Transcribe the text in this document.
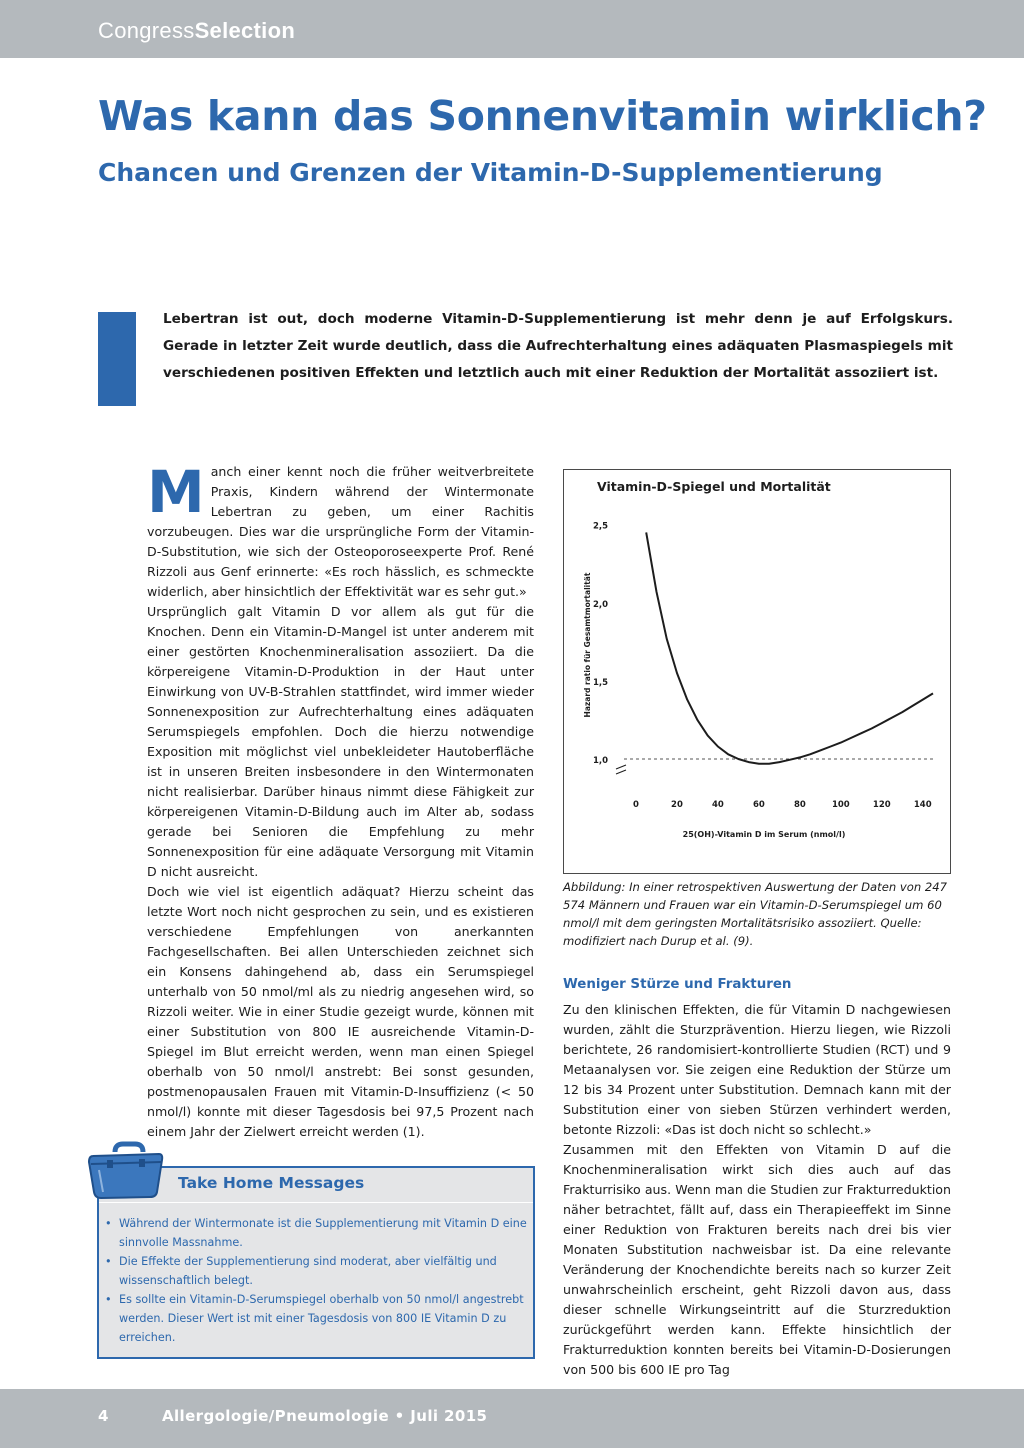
CongressSelection
Was kann das Sonnenvitamin wirklich?
Chancen und Grenzen der Vitamin-D-Supplementierung

Lebertran ist out, doch moderne Vitamin-D-Supplementierung ist mehr denn je auf Erfolgskurs. Gerade in letzter Zeit wurde deutlich, dass die Aufrechterhaltung eines adäquaten Plasmaspiegels mit verschiedenen positiven Effekten und letztlich auch mit einer Reduktion der Mortalität assoziiert ist.

Manch einer kennt noch die früher weitverbreitete Praxis, Kindern während der Wintermonate Lebertran zu geben, um einer Rachitis vorzubeugen. Dies war die ursprüngliche Form der Vitamin-D-Substitution, wie sich der Osteoporoseexperte Prof. René Rizzoli aus Genf erinnerte: «Es roch hässlich, es schmeckte widerlich, aber hinsichtlich der Effektivität war es sehr gut.»

Ursprünglich galt Vitamin D vor allem als gut für die Knochen. Denn ein Vitamin-D-Mangel ist unter anderem mit einer gestörten Knochenmineralisation assoziiert. Da die körpereigene Vitamin-D-Produktion in der Haut unter Einwirkung von UV-B-Strahlen stattfindet, wird immer wieder Sonnenexposition zur Aufrechterhaltung eines adäquaten Serumspiegels empfohlen. Doch die hierzu notwendige Exposition mit möglichst viel unbekleideter Hautoberfläche ist in unseren Breiten insbesondere in den Wintermonaten nicht realisierbar. Darüber hinaus nimmt diese Fähigkeit zur körpereigenen Vitamin-D-Bildung auch im Alter ab, sodass gerade bei Senioren die Empfehlung zu mehr Sonnenexposition für eine adäquate Versorgung mit Vitamin D nicht ausreicht.

Doch wie viel ist eigentlich adäquat? Hierzu scheint das letzte Wort noch nicht gesprochen zu sein, und es existieren verschiedene Empfehlungen von anerkannten Fachgesellschaften. Bei allen Unterschieden zeichnet sich ein Konsens dahingehend ab, dass ein Serumspiegel unterhalb von 50 nmol/ml als zu niedrig angesehen wird, so Rizzoli weiter. Wie in einer Studie gezeigt wurde, können mit einer Substitution von 800 IE ausreichende Vitamin-D-Spiegel im Blut erreicht werden, wenn man einen Spiegel oberhalb von 50 nmol/l anstrebt: Bei sonst gesunden, postmenopausalen Frauen mit Vitamin-D-Insuffizienz (< 50 nmol/l) konnte mit dieser Tagesdosis bei 97,5 Prozent nach einem Jahr der Zielwert erreicht werden (1).

Vitamin-D-Spiegel und Mortalität
1,0
1,5
2,0
2,5
Hazard ratio für Gesamtmortalität
0	20	40	60	80	100	120	140
25(OH)-Vitamin D im Serum (nmol/l)

Abbildung: In einer retrospektiven Auswertung der Daten von 247 574 Männern und Frauen war ein Vitamin-D-Serumspiegel um 60 nmol/l mit dem geringsten Mortalitätsrisiko assoziiert. Quelle: modifiziert nach Durup et al. (9).

Weniger Stürze und Frakturen

Zu den klinischen Effekten, die für Vitamin D nachgewiesen wurden, zählt die Sturzprävention. Hierzu liegen, wie Rizzoli berichtete, 26 randomisiert-kontrollierte Studien (RCT) und 9 Metaanalysen vor. Sie zeigen eine Reduktion der Stürze um 12 bis 34 Prozent unter Substitution. Demnach kann mit der Substitution einer von sieben Stürzen verhindert werden, betonte Rizzoli: «Das ist doch nicht so schlecht.»

Zusammen mit den Effekten von Vitamin D auf die Knochenmineralisation wirkt sich dies auch auf das Frakturrisiko aus. Wenn man die Studien zur Frakturreduktion näher betrachtet, fällt auf, dass ein Therapieeffekt im Sinne einer Reduktion von Frakturen bereits nach drei bis vier Monaten Substitution nachweisbar ist. Da eine relevante Veränderung der Knochendichte bereits nach so kurzer Zeit unwahrscheinlich erscheint, geht Rizzoli davon aus, dass dieser schnelle Wirkungseintritt auf die Sturzreduktion zurückgeführt werden kann. Effekte hinsichtlich der Frakturreduktion konnten bereits bei Vitamin-D-Dosierungen von 500 bis 600 IE pro Tag

Take Home Messages
• Während der Wintermonate ist die Supplementierung mit Vitamin D eine sinnvolle Massnahme.
• Die Effekte der Supplementierung sind moderat, aber vielfältig und wissenschaftlich belegt.
• Es sollte ein Vitamin-D-Serumspiegel oberhalb von 50 nmol/l angestrebt werden. Dieser Wert ist mit einer Tagesdosis von 800 IE Vitamin D zu erreichen.
4	Allergologie/Pneumologie • Juli 2015
